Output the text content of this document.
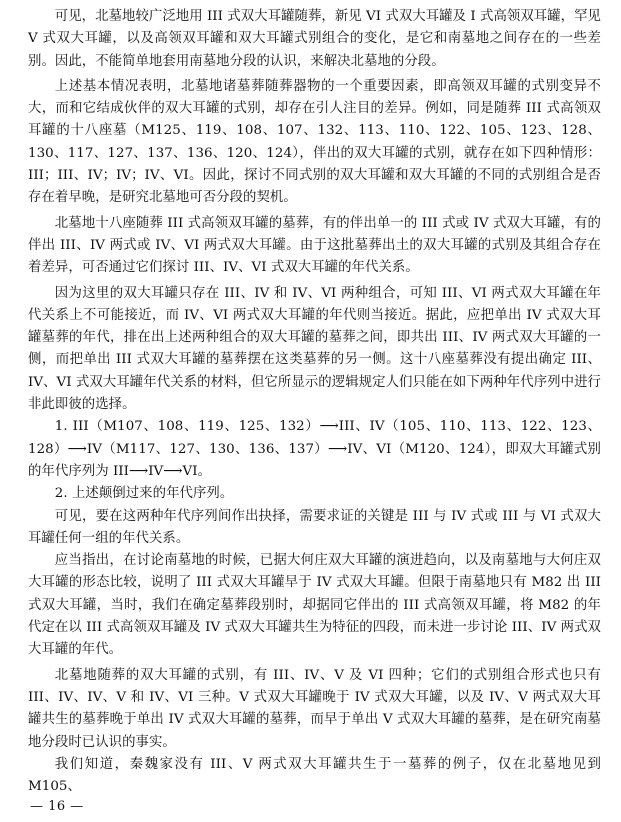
可见，北墓地较广泛地用 III 式双大耳罐随葬，新见 VI 式双大耳罐及 I 式高领双耳罐，罕见 V 式双大耳罐，以及高领双耳罐和双大耳罐式别组合的变化，是它和南墓地之间存在的一些差别。因此，不能简单地套用南墓地分段的认识，来解决北墓地的分段。

上述基本情况表明，北墓地诸墓葬随葬器物的一个重要因素，即高领双耳罐的式别变异不大，而和它结成伙伴的双大耳罐的式别，却存在引人注目的差异。例如，同是随葬 III 式高领双耳罐的十八座墓（M125、119、108、107、132、113、110、122、105、123、128、130、117、127、137、136、120、124），伴出的双大耳罐的式别，就存在如下四种情形：III；III、IV；IV；IV、VI。因此，探讨不同式别的双大耳罐和双大耳罐的不同的式别组合是否存在着早晚，是研究北墓地可否分段的契机。

北墓地十八座随葬 III 式高领双耳罐的墓葬，有的伴出单一的 III 式或 IV 式双大耳罐，有的伴出 III、IV 两式或 IV、VI 两式双大耳罐。由于这批墓葬出土的双大耳罐的式别及其组合存在着差异，可否通过它们探讨 III、IV、VI 式双大耳罐的年代关系。

因为这里的双大耳罐只存在 III、IV 和 IV、VI 两种组合，可知 III、VI 两式双大耳罐在年代关系上不可能接近，而 IV、VI 两式双大耳罐的年代则当接近。据此，应把单出 IV 式双大耳罐墓葬的年代，排在出上述两种组合的双大耳罐的墓葬之间，即共出 III、IV 两式双大耳罐的一侧，而把单出 III 式双大耳罐的墓葬摆在这类墓葬的另一侧。这十八座墓葬没有提出确定 III、IV、VI 式双大耳罐年代关系的材料，但它所显示的逻辑规定人们只能在如下两种年代序列中进行非此即彼的选择。

1. III（M107、108、119、125、132）⟶III、IV（105、110、113、122、123、128）⟶IV（M117、127、130、136、137）⟶IV、VI（M120、124），即双大耳罐式别的年代序列为 III⟶IV⟶VI。

2. 上述颠倒过来的年代序列。

可见，要在这两种年代序列间作出抉择，需要求证的关键是 III 与 IV 式或 III 与 VI 式双大耳罐任何一组的年代关系。

应当指出，在讨论南墓地的时候，已据大何庄双大耳罐的演进趋向，以及南墓地与大何庄双大耳罐的形态比较，说明了 III 式双大耳罐早于 IV 式双大耳罐。但限于南墓地只有 M82 出 III 式双大耳罐，当时，我们在确定墓葬段别时，却据同它伴出的 III 式高领双耳罐，将 M82 的年代定在以 III 式高领双耳罐及 IV 式双大耳罐共生为特征的四段，而未进一步讨论 III、IV 两式双大耳罐的年代。

北墓地随葬的双大耳罐的式别，有 III、IV、V 及 VI 四种；它们的式别组合形式也只有 III、IV、IV、V 和 IV、VI 三种。V 式双大耳罐晚于 IV 式双大耳罐，以及 IV、V 两式双大耳罐共生的墓葬晚于单出 IV 式双大耳罐的墓葬，而早于单出 V 式双大耳罐的墓葬，是在研究南墓地分段时已认识的事实。

我们知道，秦魏家没有 III、V 两式双大耳罐共生于一墓葬的例子，仅在北墓地见到 M105、

— 16 —
